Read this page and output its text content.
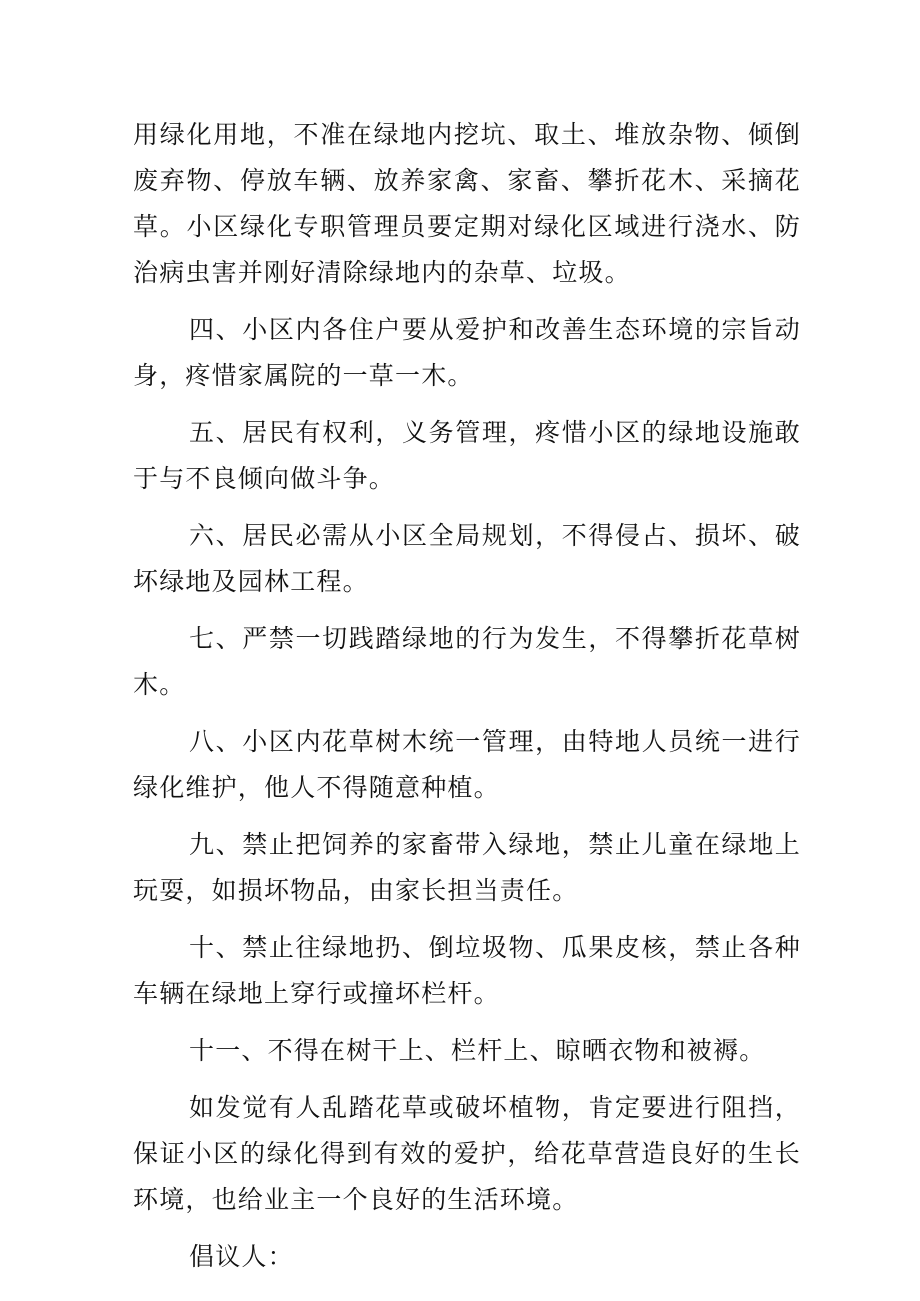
用绿化用地，不准在绿地内挖坑、取土、堆放杂物、倾倒废弃物、停放车辆、放养家禽、家畜、攀折花木、采摘花草。小区绿化专职管理员要定期对绿化区域进行浇水、防治病虫害并刚好清除绿地内的杂草、垃圾。

四、小区内各住户要从爱护和改善生态环境的宗旨动身，疼惜家属院的一草一木。

五、居民有权利，义务管理，疼惜小区的绿地设施敢于与不良倾向做斗争。

六、居民必需从小区全局规划，不得侵占、损坏、破坏绿地及园林工程。

七、严禁一切践踏绿地的行为发生，不得攀折花草树木。

八、小区内花草树木统一管理，由特地人员统一进行绿化维护，他人不得随意种植。

九、禁止把饲养的家畜带入绿地，禁止儿童在绿地上玩耍，如损坏物品，由家长担当责任。

十、禁止往绿地扔、倒垃圾物、瓜果皮核，禁止各种车辆在绿地上穿行或撞坏栏杆。

十一、不得在树干上、栏杆上、晾晒衣物和被褥。

如发觉有人乱踏花草或破坏植物，肯定要进行阻挡，保证小区的绿化得到有效的爱护，给花草营造良好的生长环境，也给业主一个良好的生活环境。

倡议人：
